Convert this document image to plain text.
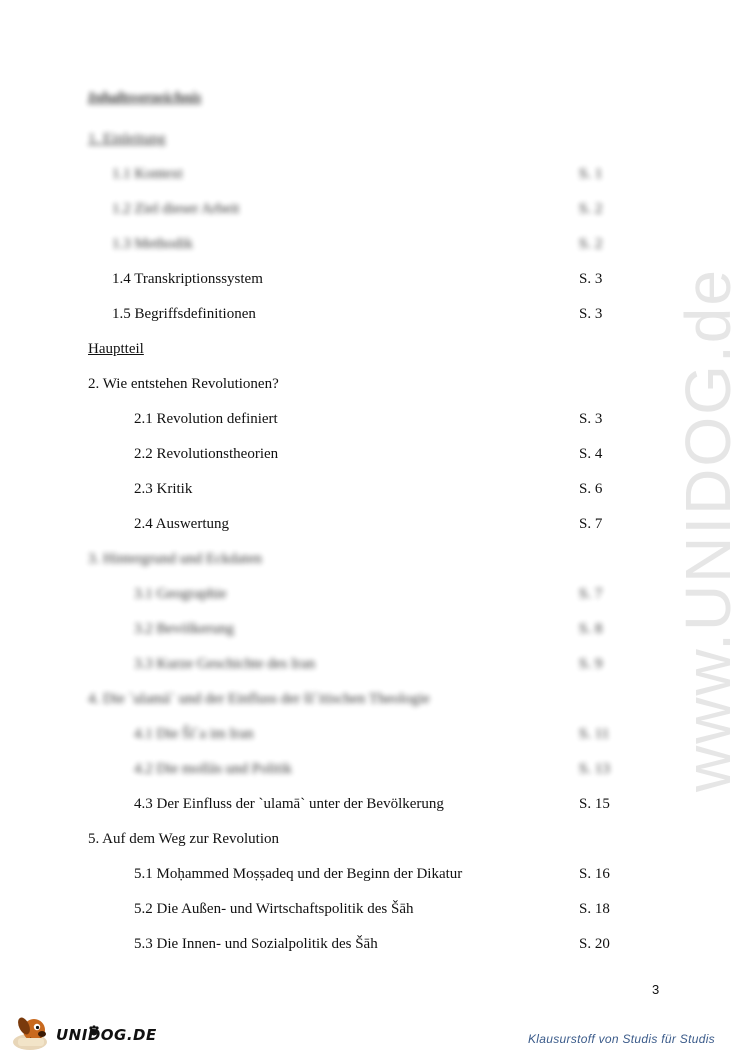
www.UNIDOG.de
Inhaltsverzeichnis
1. Einleitung
1.1 Kontext	S. 1
1.2 Ziel dieser Arbeit	S. 2
1.3 Methodik	S. 2
1.4 Transkriptionssystem	S. 3
1.5 Begriffsdefinitionen	S. 3
Hauptteil
2. Wie entstehen Revolutionen?
2.1 Revolution definiert	S. 3
2.2 Revolutionstheorien	S. 4
2.3 Kritik	S. 6
2.4 Auswertung	S. 7
3. Hintergrund und Eckdaten
3.1 Geographie	S. 7
3.2 Bevölkerung	S. 8
3.3 Kurze Geschichte des Iran	S. 9
4. Die `ulamā` und der Einfluss der šī`itischen Theologie
4.1 Die Šī`a im Iran	S. 11
4.2 Die mollās und Politik	S. 13
4.3 Der Einfluss der `ulamā` unter der Bevölkerung	S. 15
5. Auf dem Weg zur Revolution
5.1 Moḥammed Moṣṣadeq und der Beginn der Dikatur	S. 16
5.2 Die Außen- und Wirtschaftspolitik des Šāh	S. 18
5.3 Die Innen- und Sozialpolitik des Šāh	S. 20
3
UNIDOG.DE	Klausurstoff von Studis für Studis
